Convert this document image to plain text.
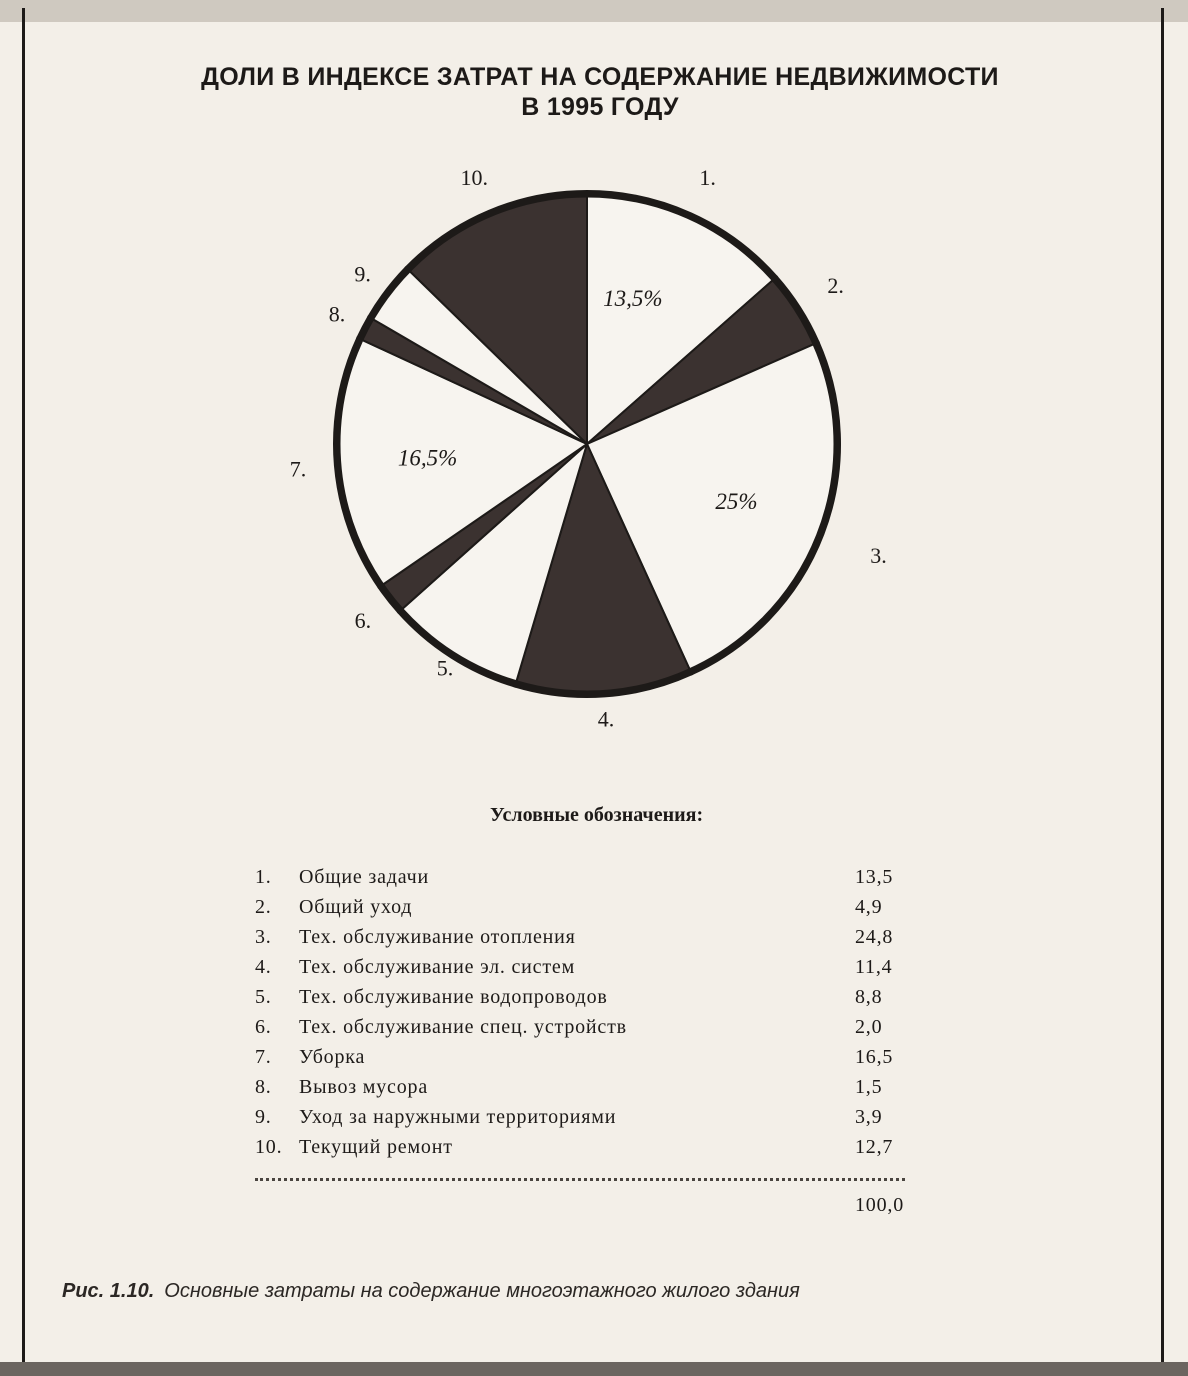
ДОЛИ В ИНДЕКСЕ ЗАТРАТ НА СОДЕРЖАНИЕ НЕДВИЖИМОСТИ
В 1995 ГОДУ
1.
2.
3.
4.
5.
6.
7.
8.
9.
10.
13,5%
25%
16,5%
Условные обозначения:
1. Общие задачи	13,5
2. Общий уход	4,9
3. Тех. обслуживание отопления	24,8
4. Тех. обслуживание эл. систем	11,4
5. Тех. обслуживание водопроводов	8,8
6. Тех. обслуживание спец. устройств	2,0
7. Уборка	16,5
8. Вывоз мусора	1,5
9. Уход за наружными территориями	3,9
10. Текущий ремонт	12,7
100,0
Рис. 1.10. Основные затраты на содержание многоэтажного жилого здания
